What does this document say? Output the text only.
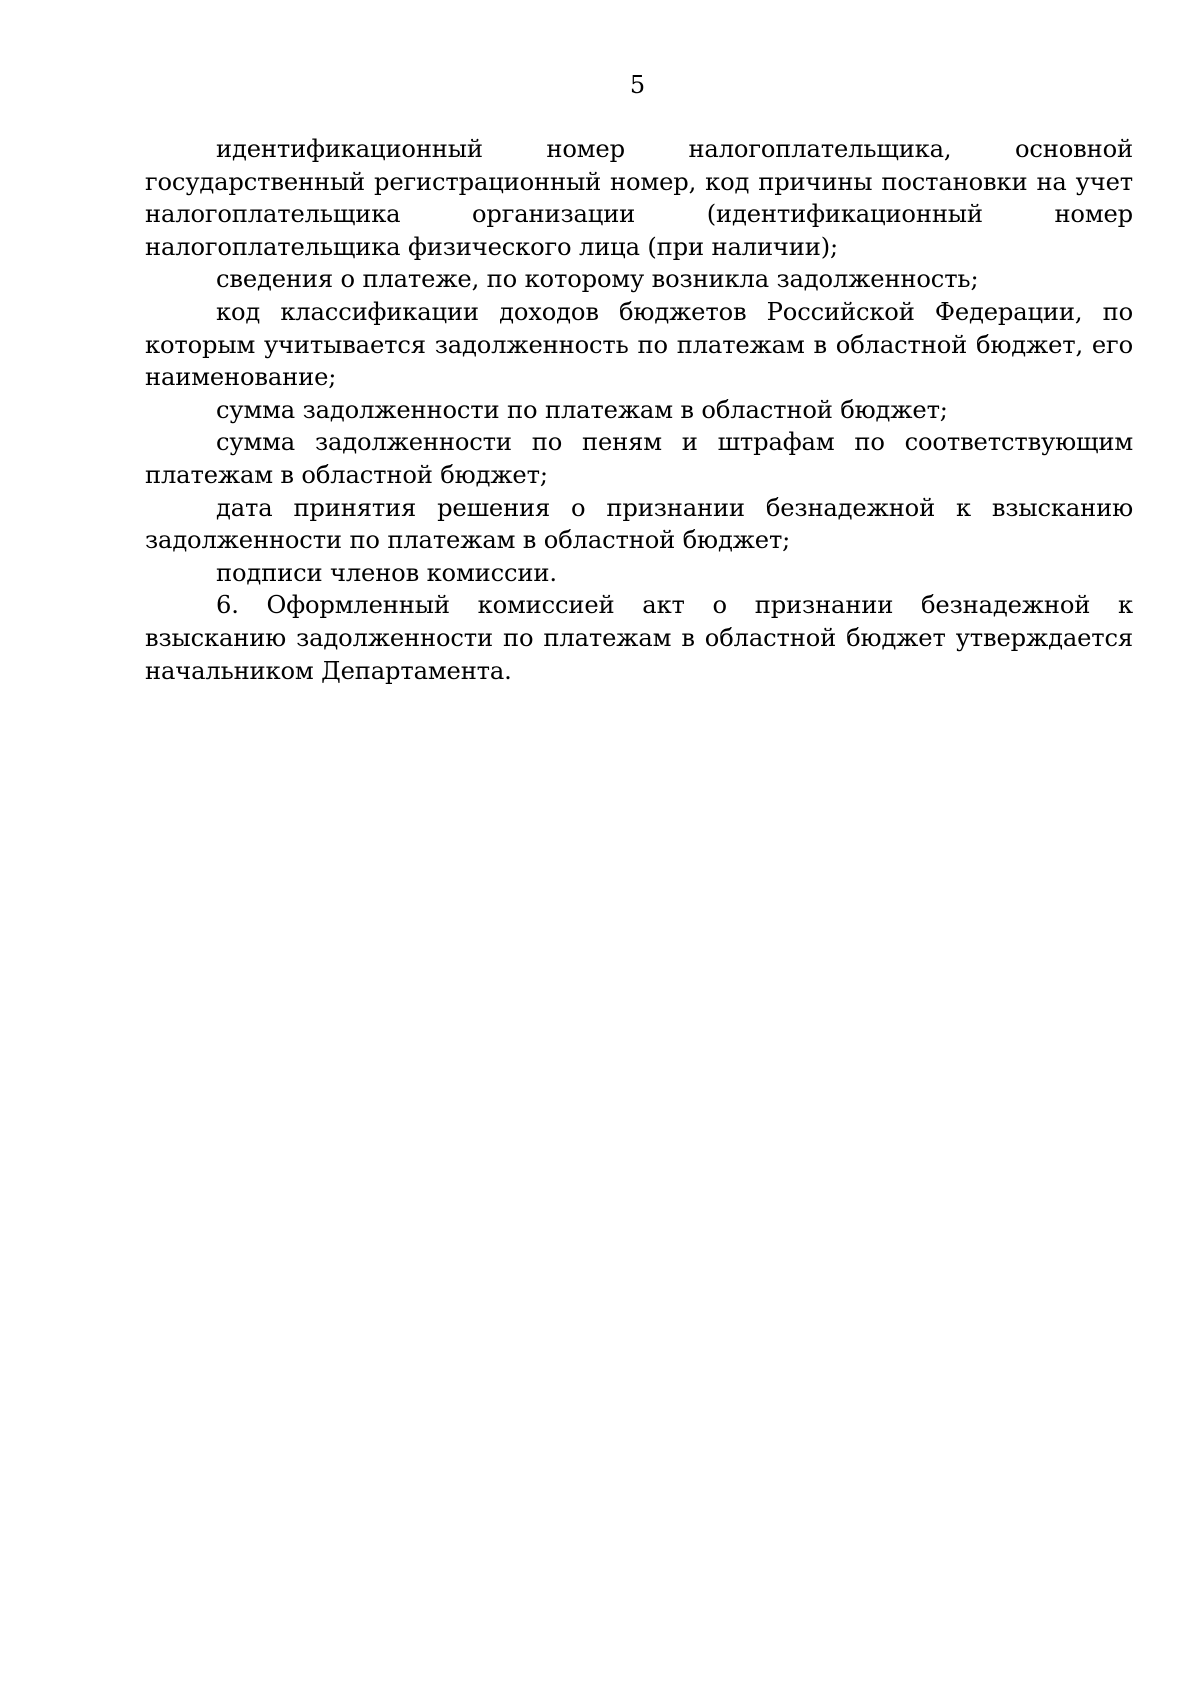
5

идентификационный номер налогоплательщика, основной государственный регистрационный номер, код причины постановки на учет налогоплательщика организации (идентификационный номер налогоплательщика физического лица (при наличии);

сведения о платеже, по которому возникла задолженность;

код классификации доходов бюджетов Российской Федерации, по которым учитывается задолженность по платежам в областной бюджет, его наименование;

сумма задолженности по платежам в областной бюджет;

сумма задолженности по пеням и штрафам по соответствующим платежам в областной бюджет;

дата принятия решения о признании безнадежной к взысканию задолженности по платежам в областной бюджет;

подписи членов комиссии.

6. Оформленный комиссией акт о признании безнадежной к взысканию задолженности по платежам в областной бюджет утверждается начальником Департамента.
